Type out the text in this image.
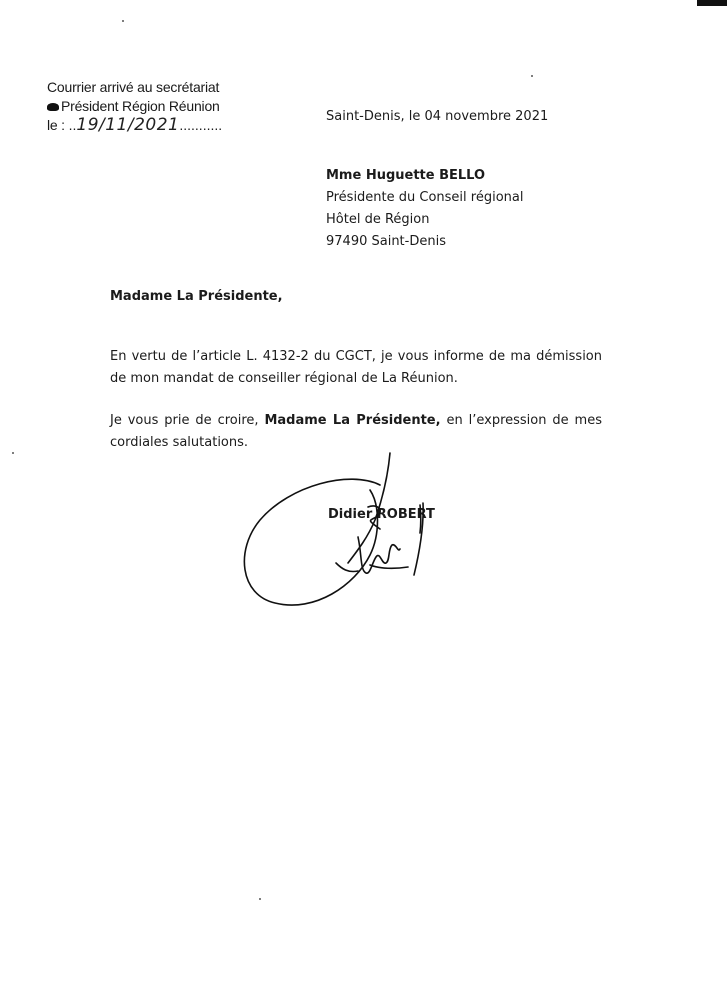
Courrier arrivé au secrétariat
Président Région Réunion
le : ..19/11/2021...........
Saint-Denis, le 04 novembre 2021
Mme Huguette BELLO
Présidente du Conseil régional
Hôtel de Région
97490 Saint-Denis
Madame La Présidente,
En vertu de l’article L. 4132-2 du CGCT, je vous informe de ma démission de mon mandat de conseiller régional de La Réunion.
Je vous prie de croire, Madame La Présidente, en l’expression de mes cordiales salutations.
Didier ROBERT
